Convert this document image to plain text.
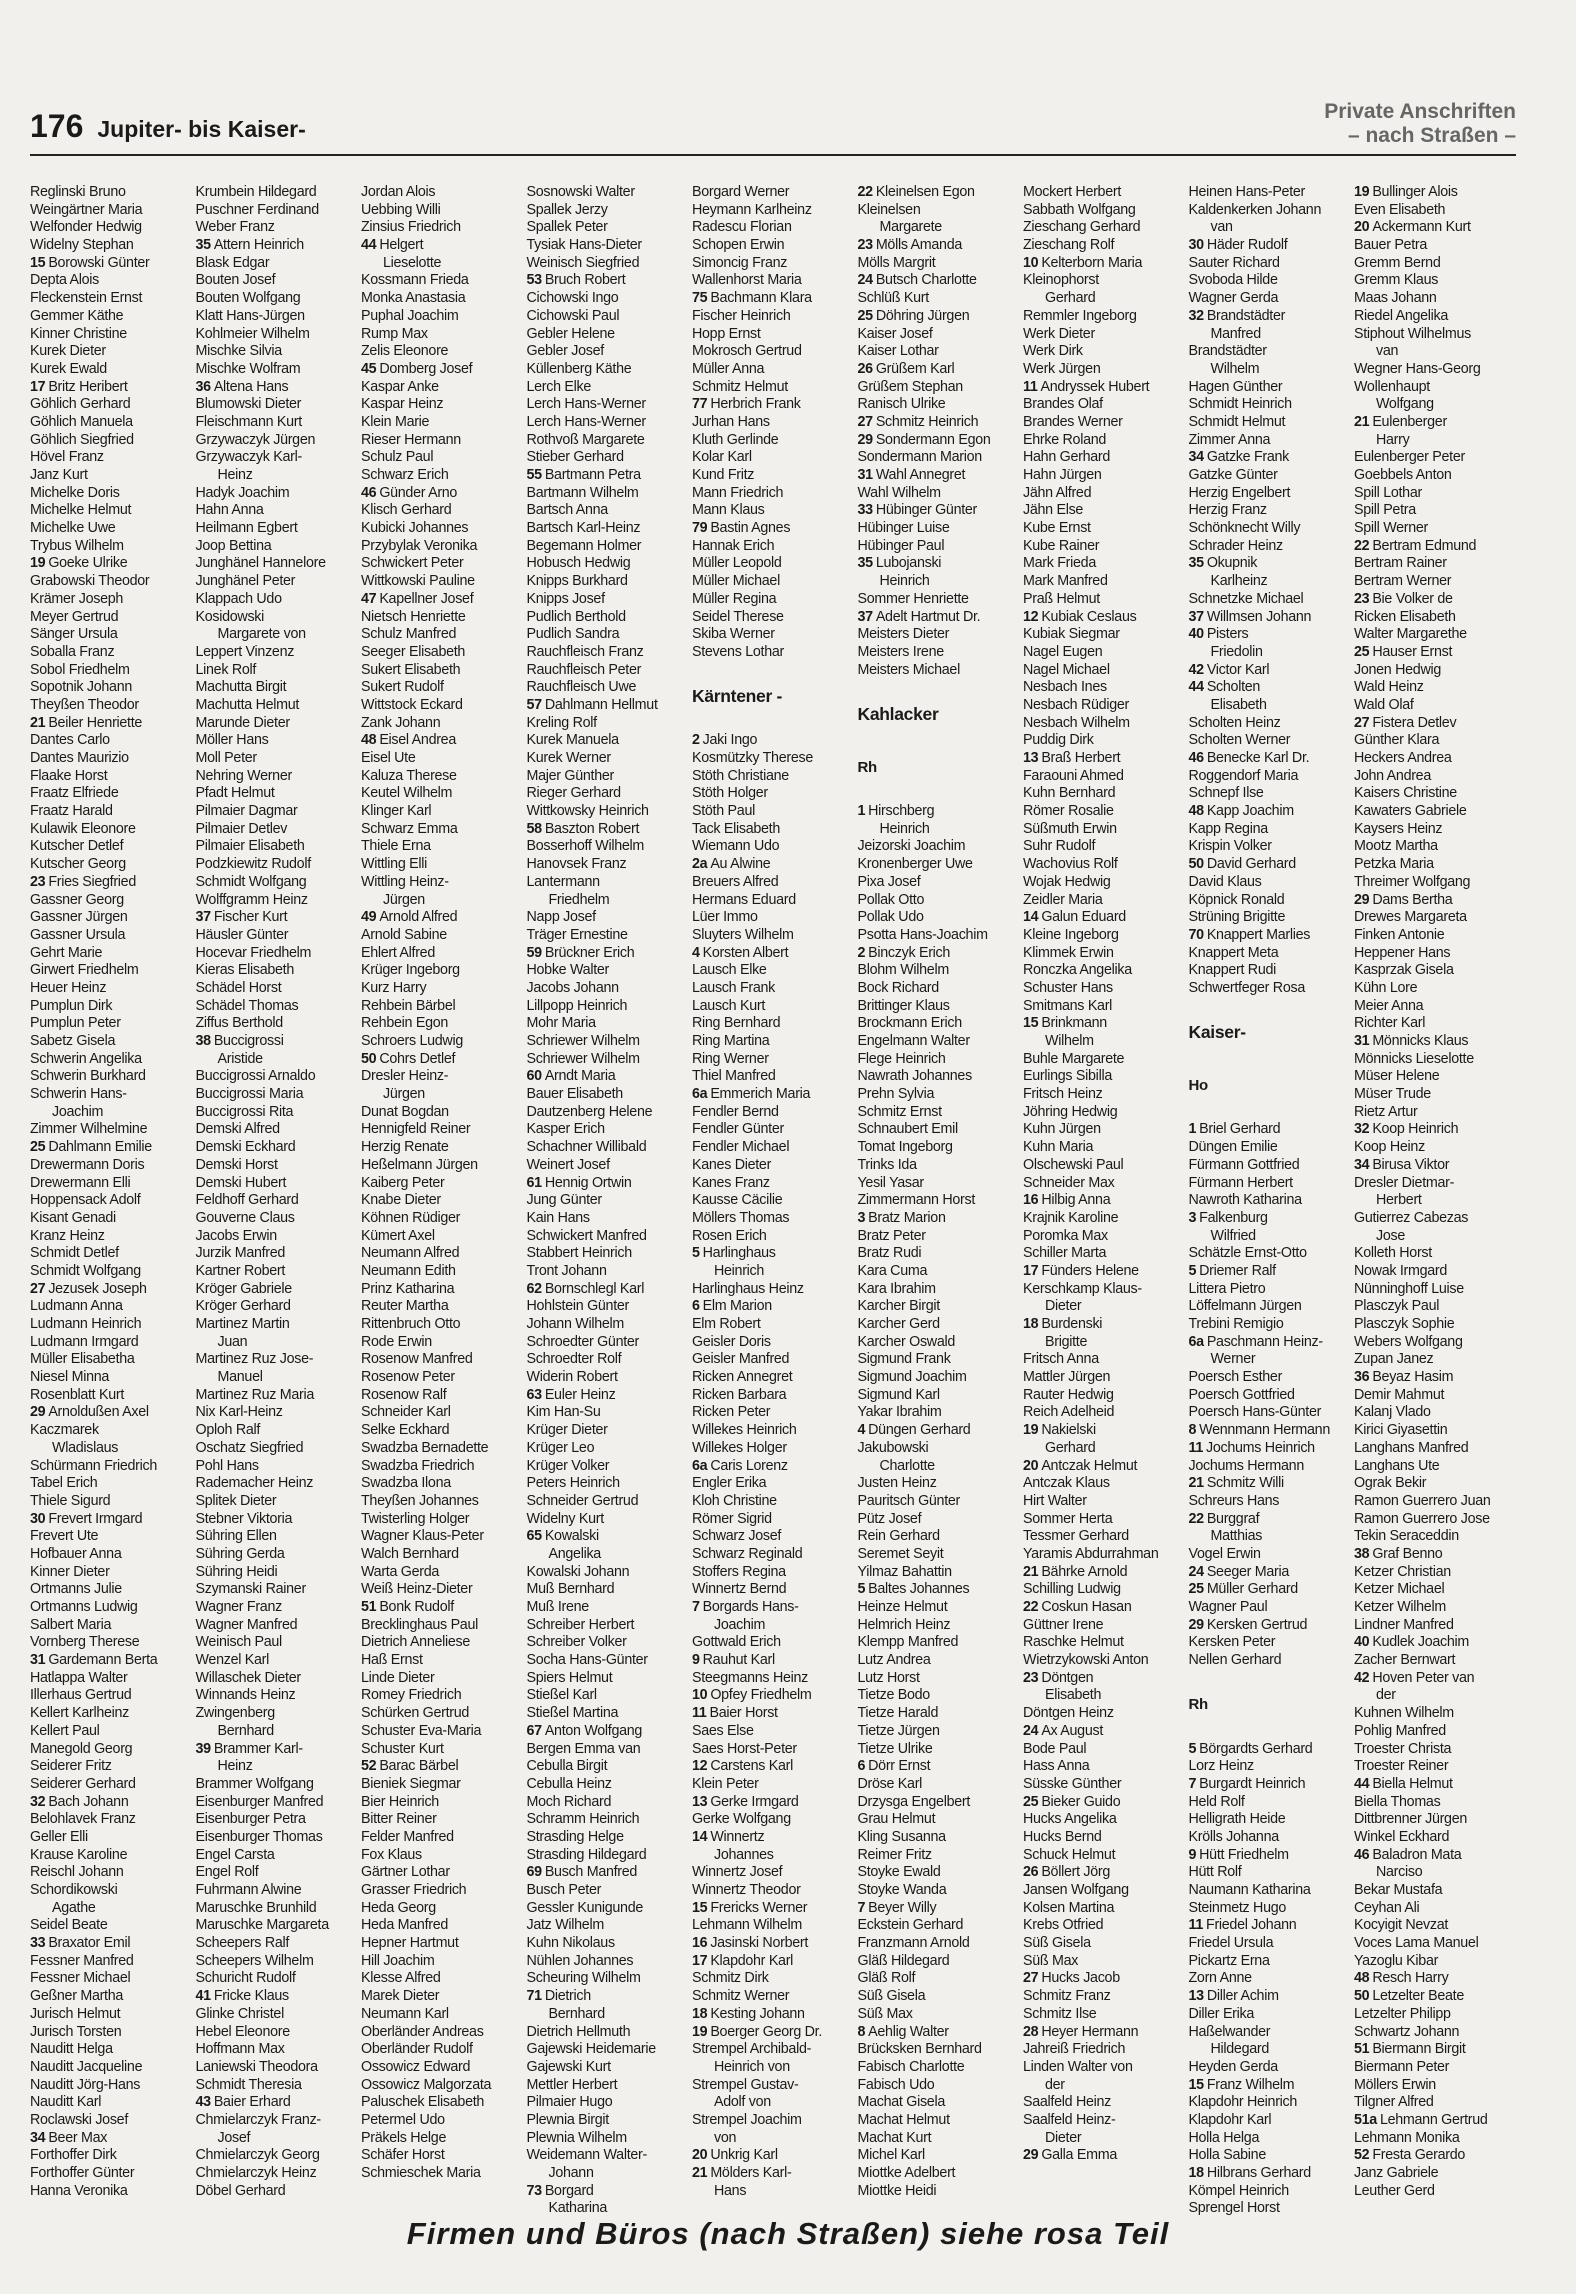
176 Jupiter- bis Kaiser-
Private Anschriften
– nach Straßen –
Reglinski Bruno
Weingärtner Maria
Welfonder Hedwig
Widelny Stephan
15 Borowski Günter
Depta Alois
Fleckenstein Ernst
Gemmer Käthe
Kinner Christine
Kurek Dieter
Kurek Ewald
17 Britz Heribert
Göhlich Gerhard
Göhlich Manuela
Göhlich Siegfried
Hövel Franz
Janz Kurt
Michelke Doris
Michelke Helmut
Michelke Uwe
Trybus Wilhelm
19 Goeke Ulrike
Grabowski Theodor
Krämer Joseph
Meyer Gertrud
Sänger Ursula
Soballa Franz
Sobol Friedhelm
Sopotnik Johann
Theyßen Theodor
21 Beiler Henriette
Dantes Carlo
Dantes Maurizio
Flaake Horst
Fraatz Elfriede
Fraatz Harald
Kulawik Eleonore
Kutscher Detlef
Kutscher Georg
23 Fries Siegfried
Gassner Georg
Gassner Jürgen
Gassner Ursula
Gehrt Marie
Girwert Friedhelm
Heuer Heinz
Pumplun Dirk
Pumplun Peter
Sabetz Gisela
Schwerin Angelika
Schwerin Burkhard
Schwerin Hans-
Joachim
Zimmer Wilhelmine
25 Dahlmann Emilie
Drewermann Doris
Drewermann Elli
Hoppensack Adolf
Kisant Genadi
Kranz Heinz
Schmidt Detlef
Schmidt Wolfgang
27 Jezusek Joseph
Ludmann Anna
Ludmann Heinrich
Ludmann Irmgard
Müller Elisabetha
Niesel Minna
Rosenblatt Kurt
29 Arnoldußen Axel
Kaczmarek
Wladislaus
Schürmann Friedrich
Tabel Erich
Thiele Sigurd
30 Frevert Irmgard
Frevert Ute
Hofbauer Anna
Kinner Dieter
Ortmanns Julie
Ortmanns Ludwig
Salbert Maria
Vornberg Therese
31 Gardemann Berta
Hatlappa Walter
Illerhaus Gertrud
Kellert Karlheinz
Kellert Paul
Manegold Georg
Seiderer Fritz
Seiderer Gerhard
32 Bach Johann
Belohlavek Franz
Geller Elli
Krause Karoline
Reischl Johann
Schordikowski
Agathe
Seidel Beate
33 Braxator Emil
Fessner Manfred
Fessner Michael
Geßner Martha
Jurisch Helmut
Jurisch Torsten
Nauditt Helga
Nauditt Jacqueline
Nauditt Jörg-Hans
Nauditt Karl
Roclawski Josef
34 Beer Max
Forthoffer Dirk
Forthoffer Günter
Hanna Veronika
Krumbein Hildegard
Puschner Ferdinand
Weber Franz
35 Attern Heinrich
Blask Edgar
Bouten Josef
Bouten Wolfgang
Klatt Hans-Jürgen
Kohlmeier Wilhelm
Mischke Silvia
Mischke Wolfram
36 Altena Hans
Blumowski Dieter
Fleischmann Kurt
Grzywaczyk Jürgen
Grzywaczyk Karl-
Heinz
Hadyk Joachim
Hahn Anna
Heilmann Egbert
Joop Bettina
Junghänel Hannelore
Junghänel Peter
Klappach Udo
Kosidowski
Margarete von
Leppert Vinzenz
Linek Rolf
Machutta Birgit
Machutta Helmut
Marunde Dieter
Möller Hans
Moll Peter
Nehring Werner
Pfadt Helmut
Pilmaier Dagmar
Pilmaier Detlev
Pilmaier Elisabeth
Podzkiewitz Rudolf
Schmidt Wolfgang
Wolffgramm Heinz
37 Fischer Kurt
Häusler Günter
Hocevar Friedhelm
Kieras Elisabeth
Schädel Horst
Schädel Thomas
Ziffus Berthold
38 Buccigrossi
Aristide
Buccigrossi Arnaldo
Buccigrossi Maria
Buccigrossi Rita
Demski Alfred
Demski Eckhard
Demski Horst
Demski Hubert
Feldhoff Gerhard
Gouverne Claus
Jacobs Erwin
Jurzik Manfred
Kartner Robert
Kröger Gabriele
Kröger Gerhard
Martinez Martin
Juan
Martinez Ruz Jose-
Manuel
Martinez Ruz Maria
Nix Karl-Heinz
Oploh Ralf
Oschatz Siegfried
Pohl Hans
Rademacher Heinz
Splitek Dieter
Stebner Viktoria
Sühring Ellen
Sühring Gerda
Sühring Heidi
Szymanski Rainer
Wagner Franz
Wagner Manfred
Weinisch Paul
Wenzel Karl
Willaschek Dieter
Winnands Heinz
Zwingenberg
Bernhard
39 Brammer Karl-
Heinz
Brammer Wolfgang
Eisenburger Manfred
Eisenburger Petra
Eisenburger Thomas
Engel Carsta
Engel Rolf
Fuhrmann Alwine
Maruschke Brunhild
Maruschke Margareta
Scheepers Ralf
Scheepers Wilhelm
Schuricht Rudolf
41 Fricke Klaus
Glinke Christel
Hebel Eleonore
Hoffmann Max
Laniewski Theodora
Schmidt Theresia
43 Baier Erhard
Chmielarczyk Franz-
Josef
Chmielarczyk Georg
Chmielarczyk Heinz
Döbel Gerhard
Jordan Alois
Uebbing Willi
Zinsius Friedrich
44 Helgert
Lieselotte
Kossmann Frieda
Monka Anastasia
Puphal Joachim
Rump Max
Zelis Eleonore
45 Domberg Josef
Kaspar Anke
Kaspar Heinz
Klein Marie
Rieser Hermann
Schulz Paul
Schwarz Erich
46 Günder Arno
Klisch Gerhard
Kubicki Johannes
Przybylak Veronika
Schwickert Peter
Wittkowski Pauline
47 Kapellner Josef
Nietsch Henriette
Schulz Manfred
Seeger Elisabeth
Sukert Elisabeth
Sukert Rudolf
Wittstock Eckard
Zank Johann
48 Eisel Andrea
Eisel Ute
Kaluza Therese
Keutel Wilhelm
Klinger Karl
Schwarz Emma
Thiele Erna
Wittling Elli
Wittling Heinz-
Jürgen
49 Arnold Alfred
Arnold Sabine
Ehlert Alfred
Krüger Ingeborg
Kurz Harry
Rehbein Bärbel
Rehbein Egon
Schroers Ludwig
50 Cohrs Detlef
Dresler Heinz-
Jürgen
Dunat Bogdan
Hennigfeld Reiner
Herzig Renate
Heßelmann Jürgen
Kaiberg Peter
Knabe Dieter
Köhnen Rüdiger
Kümert Axel
Neumann Alfred
Neumann Edith
Prinz Katharina
Reuter Martha
Rittenbruch Otto
Rode Erwin
Rosenow Manfred
Rosenow Peter
Rosenow Ralf
Schneider Karl
Selke Eckhard
Swadzba Bernadette
Swadzba Friedrich
Swadzba Ilona
Theyßen Johannes
Twisterling Holger
Wagner Klaus-Peter
Walch Bernhard
Warta Gerda
Weiß Heinz-Dieter
51 Bonk Rudolf
Brecklinghaus Paul
Dietrich Anneliese
Haß Ernst
Linde Dieter
Romey Friedrich
Schürken Gertrud
Schuster Eva-Maria
Schuster Kurt
52 Barac Bärbel
Bieniek Siegmar
Bier Heinrich
Bitter Reiner
Felder Manfred
Fox Klaus
Gärtner Lothar
Grasser Friedrich
Heda Georg
Heda Manfred
Hepner Hartmut
Hill Joachim
Klesse Alfred
Marek Dieter
Neumann Karl
Oberländer Andreas
Oberländer Rudolf
Ossowicz Edward
Ossowicz Malgorzata
Paluschek Elisabeth
Petermel Udo
Präkels Helge
Schäfer Horst
Schmieschek Maria
Sosnowski Walter
Spallek Jerzy
Spallek Peter
Tysiak Hans-Dieter
Weinisch Siegfried
53 Bruch Robert
Cichowski Ingo
Cichowski Paul
Gebler Helene
Gebler Josef
Küllenberg Käthe
Lerch Elke
Lerch Hans-Werner
Lerch Hans-Werner
Rothvoß Margarete
Stieber Gerhard
55 Bartmann Petra
Bartmann Wilhelm
Bartsch Anna
Bartsch Karl-Heinz
Begemann Holmer
Hobusch Hedwig
Knipps Burkhard
Knipps Josef
Pudlich Berthold
Pudlich Sandra
Rauchfleisch Franz
Rauchfleisch Peter
Rauchfleisch Uwe
57 Dahlmann Hellmut
Kreling Rolf
Kurek Manuela
Kurek Werner
Majer Günther
Rieger Gerhard
Wittkowsky Heinrich
58 Baszton Robert
Bosserhoff Wilhelm
Hanovsek Franz
Lantermann
Friedhelm
Napp Josef
Träger Ernestine
59 Brückner Erich
Hobke Walter
Jacobs Johann
Lillpopp Heinrich
Mohr Maria
Schriewer Wilhelm
Schriewer Wilhelm
60 Arndt Maria
Bauer Elisabeth
Dautzenberg Helene
Kasper Erich
Schachner Willibald
Weinert Josef
61 Hennig Ortwin
Jung Günter
Kain Hans
Schwickert Manfred
Stabbert Heinrich
Tront Johann
62 Bornschlegl Karl
Hohlstein Günter
Johann Wilhelm
Schroedter Günter
Schroedter Rolf
Widerin Robert
63 Euler Heinz
Kim Han-Su
Krüger Dieter
Krüger Leo
Krüger Volker
Peters Heinrich
Schneider Gertrud
Widelny Kurt
65 Kowalski
Angelika
Kowalski Johann
Muß Bernhard
Muß Irene
Schreiber Herbert
Schreiber Volker
Socha Hans-Günter
Spiers Helmut
Stießel Karl
Stießel Martina
67 Anton Wolfgang
Bergen Emma van
Cebulla Birgit
Cebulla Heinz
Moch Richard
Schramm Heinrich
Strasding Helge
Strasding Hildegard
69 Busch Manfred
Busch Peter
Gessler Kunigunde
Jatz Wilhelm
Kuhn Nikolaus
Nühlen Johannes
Scheuring Wilhelm
71 Dietrich
Bernhard
Dietrich Hellmuth
Gajewski Heidemarie
Gajewski Kurt
Mettler Herbert
Pilmaier Hugo
Plewnia Birgit
Plewnia Wilhelm
Weidemann Walter-
Johann
73 Borgard
Katharina
Borgard Werner
Heymann Karlheinz
Radescu Florian
Schopen Erwin
Simoncig Franz
Wallenhorst Maria
75 Bachmann Klara
Fischer Heinrich
Hopp Ernst
Mokrosch Gertrud
Müller Anna
Schmitz Helmut
77 Herbrich Frank
Jurhan Hans
Kluth Gerlinde
Kolar Karl
Kund Fritz
Mann Friedrich
Mann Klaus
79 Bastin Agnes
Hannak Erich
Müller Leopold
Müller Michael
Müller Regina
Seidel Therese
Skiba Werner
Stevens Lothar
Kärntener -
2 Jaki Ingo
Kosmützky Therese
Stöth Christiane
Stöth Holger
Stöth Paul
Tack Elisabeth
Wiemann Udo
2a Au Alwine
Breuers Alfred
Hermans Eduard
Lüer Immo
Sluyters Wilhelm
4 Korsten Albert
Lausch Elke
Lausch Frank
Lausch Kurt
Ring Bernhard
Ring Martina
Ring Werner
Thiel Manfred
6a Emmerich Maria
Fendler Bernd
Fendler Günter
Fendler Michael
Kanes Dieter
Kanes Franz
Kausse Cäcilie
Möllers Thomas
Rosen Erich
5 Harlinghaus
Heinrich
Harlinghaus Heinz
6 Elm Marion
Elm Robert
Geisler Doris
Geisler Manfred
Ricken Annegret
Ricken Barbara
Ricken Peter
Willekes Heinrich
Willekes Holger
6a Caris Lorenz
Engler Erika
Kloh Christine
Römer Sigrid
Schwarz Josef
Schwarz Reginald
Stoffers Regina
Winnertz Bernd
7 Borgards Hans-
Joachim
Gottwald Erich
9 Rauhut Karl
Steegmanns Heinz
10 Opfey Friedhelm
11 Baier Horst
Saes Else
Saes Horst-Peter
12 Carstens Karl
Klein Peter
13 Gerke Irmgard
Gerke Wolfgang
14 Winnertz
Johannes
Winnertz Josef
Winnertz Theodor
15 Frericks Werner
Lehmann Wilhelm
16 Jasinski Norbert
17 Klapdohr Karl
Schmitz Dirk
Schmitz Werner
18 Kesting Johann
19 Boerger Georg Dr.
Strempel Archibald-
Heinrich von
Strempel Gustav-
Adolf von
Strempel Joachim
von
20 Unkrig Karl
21 Mölders Karl-
Hans
22 Kleinelsen Egon
Kleinelsen
Margarete
23 Mölls Amanda
Mölls Margrit
24 Butsch Charlotte
Schlüß Kurt
25 Döhring Jürgen
Kaiser Josef
Kaiser Lothar
26 Grüßem Karl
Grüßem Stephan
Ranisch Ulrike
27 Schmitz Heinrich
29 Sondermann Egon
Sondermann Marion
31 Wahl Annegret
Wahl Wilhelm
33 Hübinger Günter
Hübinger Luise
Hübinger Paul
35 Lubojanski
Heinrich
Sommer Henriette
37 Adelt Hartmut Dr.
Meisters Dieter
Meisters Irene
Meisters Michael
Kahlacker
Rh
1 Hirschberg
Heinrich
Jeizorski Joachim
Kronenberger Uwe
Pixa Josef
Pollak Otto
Pollak Udo
Psotta Hans-Joachim
2 Binczyk Erich
Blohm Wilhelm
Bock Richard
Brittinger Klaus
Brockmann Erich
Engelmann Walter
Flege Heinrich
Nawrath Johannes
Prehn Sylvia
Schmitz Ernst
Schnaubert Emil
Tomat Ingeborg
Trinks Ida
Yesil Yasar
Zimmermann Horst
3 Bratz Marion
Bratz Peter
Bratz Rudi
Kara Cuma
Kara Ibrahim
Karcher Birgit
Karcher Gerd
Karcher Oswald
Sigmund Frank
Sigmund Joachim
Sigmund Karl
Yakar Ibrahim
4 Düngen Gerhard
Jakubowski
Charlotte
Justen Heinz
Pauritsch Günter
Pütz Josef
Rein Gerhard
Seremet Seyit
Yilmaz Bahattin
5 Baltes Johannes
Heinze Helmut
Helmrich Heinz
Klempp Manfred
Lutz Andrea
Lutz Horst
Tietze Bodo
Tietze Harald
Tietze Jürgen
Tietze Ulrike
6 Dörr Ernst
Dröse Karl
Drzysga Engelbert
Grau Helmut
Kling Susanna
Reimer Fritz
Stoyke Ewald
Stoyke Wanda
7 Beyer Willy
Eckstein Gerhard
Franzmann Arnold
Gläß Hildegard
Gläß Rolf
Süß Gisela
Süß Max
8 Aehlig Walter
Brücksken Bernhard
Fabisch Charlotte
Fabisch Udo
Machat Gisela
Machat Helmut
Machat Kurt
Michel Karl
Miottke Adelbert
Miottke Heidi
Mockert Herbert
Sabbath Wolfgang
Zieschang Gerhard
Zieschang Rolf
10 Kelterborn Maria
Kleinophorst
Gerhard
Remmler Ingeborg
Werk Dieter
Werk Dirk
Werk Jürgen
11 Andryssek Hubert
Brandes Olaf
Brandes Werner
Ehrke Roland
Hahn Gerhard
Hahn Jürgen
Jähn Alfred
Jähn Else
Kube Ernst
Kube Rainer
Mark Frieda
Mark Manfred
Praß Helmut
12 Kubiak Ceslaus
Kubiak Siegmar
Nagel Eugen
Nagel Michael
Nesbach Ines
Nesbach Rüdiger
Nesbach Wilhelm
Puddig Dirk
13 Braß Herbert
Faraouni Ahmed
Kuhn Bernhard
Römer Rosalie
Süßmuth Erwin
Suhr Rudolf
Wachovius Rolf
Wojak Hedwig
Zeidler Maria
14 Galun Eduard
Kleine Ingeborg
Klimmek Erwin
Ronczka Angelika
Schuster Hans
Smitmans Karl
15 Brinkmann
Wilhelm
Buhle Margarete
Eurlings Sibilla
Fritsch Heinz
Jöhring Hedwig
Kuhn Jürgen
Kuhn Maria
Olschewski Paul
Schneider Max
16 Hilbig Anna
Krajnik Karoline
Poromka Max
Schiller Marta
17 Fünders Helene
Kerschkamp Klaus-
Dieter
18 Burdenski
Brigitte
Fritsch Anna
Mattler Jürgen
Rauter Hedwig
Reich Adelheid
19 Nakielski
Gerhard
20 Antczak Helmut
Antczak Klaus
Hirt Walter
Sommer Herta
Tessmer Gerhard
Yaramis Abdurrahman
21 Bährke Arnold
Schilling Ludwig
22 Coskun Hasan
Güttner Irene
Raschke Helmut
Wietrzykowski Anton
23 Döntgen
Elisabeth
Döntgen Heinz
24 Ax August
Bode Paul
Hass Anna
Süsske Günther
25 Bieker Guido
Hucks Angelika
Hucks Bernd
Schuck Helmut
26 Böllert Jörg
Jansen Wolfgang
Kolsen Martina
Krebs Otfried
Süß Gisela
Süß Max
27 Hucks Jacob
Schmitz Franz
Schmitz Ilse
28 Heyer Hermann
Jahreiß Friedrich
Linden Walter von
der
Saalfeld Heinz
Saalfeld Heinz-
Dieter
29 Galla Emma
Heinen Hans-Peter
Kaldenkerken Johann
van
30 Häder Rudolf
Sauter Richard
Svoboda Hilde
Wagner Gerda
32 Brandstädter
Manfred
Brandstädter
Wilhelm
Hagen Günther
Schmidt Heinrich
Schmidt Helmut
Zimmer Anna
34 Gatzke Frank
Gatzke Günter
Herzig Engelbert
Herzig Franz
Schönknecht Willy
Schrader Heinz
35 Okupnik
Karlheinz
Schnetzke Michael
37 Willmsen Johann
40 Pisters
Friedolin
42 Victor Karl
44 Scholten
Elisabeth
Scholten Heinz
Scholten Werner
46 Benecke Karl Dr.
Roggendorf Maria
Schnepf Ilse
48 Kapp Joachim
Kapp Regina
Krispin Volker
50 David Gerhard
David Klaus
Köpnick Ronald
Strüning Brigitte
70 Knappert Marlies
Knappert Meta
Knappert Rudi
Schwertfeger Rosa
Kaiser-
Ho
1 Briel Gerhard
Düngen Emilie
Fürmann Gottfried
Fürmann Herbert
Nawroth Katharina
3 Falkenburg
Wilfried
Schätzle Ernst-Otto
5 Driemer Ralf
Littera Pietro
Löffelmann Jürgen
Trebini Remigio
6a Paschmann Heinz-
Werner
Poersch Esther
Poersch Gottfried
Poersch Hans-Günter
8 Wennmann Hermann
11 Jochums Heinrich
Jochums Hermann
21 Schmitz Willi
Schreurs Hans
22 Burggraf
Matthias
Vogel Erwin
24 Seeger Maria
25 Müller Gerhard
Wagner Paul
29 Kersken Gertrud
Kersken Peter
Nellen Gerhard
Rh
5 Börgardts Gerhard
Lorz Heinz
7 Burgardt Heinrich
Held Rolf
Helligrath Heide
Krölls Johanna
9 Hütt Friedhelm
Hütt Rolf
Naumann Katharina
Steinmetz Hugo
11 Friedel Johann
Friedel Ursula
Pickartz Erna
Zorn Anne
13 Diller Achim
Diller Erika
Haßelwander
Hildegard
Heyden Gerda
15 Franz Wilhelm
Klapdohr Heinrich
Klapdohr Karl
Holla Helga
Holla Sabine
18 Hilbrans Gerhard
Kömpel Heinrich
Sprengel Horst
19 Bullinger Alois
Even Elisabeth
20 Ackermann Kurt
Bauer Petra
Gremm Bernd
Gremm Klaus
Maas Johann
Riedel Angelika
Stiphout Wilhelmus
van
Wegner Hans-Georg
Wollenhaupt
Wolfgang
21 Eulenberger
Harry
Eulenberger Peter
Goebbels Anton
Spill Lothar
Spill Petra
Spill Werner
22 Bertram Edmund
Bertram Rainer
Bertram Werner
23 Bie Volker de
Ricken Elisabeth
Walter Margarethe
25 Hauser Ernst
Jonen Hedwig
Wald Heinz
Wald Olaf
27 Fistera Detlev
Günther Klara
Heckers Andrea
John Andrea
Kaisers Christine
Kawaters Gabriele
Kaysers Heinz
Mootz Martha
Petzka Maria
Threimer Wolfgang
29 Dams Bertha
Drewes Margareta
Finken Antonie
Heppener Hans
Kasprzak Gisela
Kühn Lore
Meier Anna
Richter Karl
31 Mönnicks Klaus
Mönnicks Lieselotte
Müser Helene
Müser Trude
Rietz Artur
32 Koop Heinrich
Koop Heinz
34 Birusa Viktor
Dresler Dietmar-
Herbert
Gutierrez Cabezas
Jose
Kolleth Horst
Nowak Irmgard
Nünninghoff Luise
Plasczyk Paul
Plasczyk Sophie
Webers Wolfgang
Zupan Janez
36 Beyaz Hasim
Demir Mahmut
Kalanj Vlado
Kirici Giyasettin
Langhans Manfred
Langhans Ute
Ograk Bekir
Ramon Guerrero Juan
Ramon Guerrero Jose
Tekin Seraceddin
38 Graf Benno
Ketzer Christian
Ketzer Michael
Ketzer Wilhelm
Lindner Manfred
40 Kudlek Joachim
Zacher Bernwart
42 Hoven Peter van
der
Kuhnen Wilhelm
Pohlig Manfred
Troester Christa
Troester Reiner
44 Biella Helmut
Biella Thomas
Dittbrenner Jürgen
Winkel Eckhard
46 Baladron Mata
Narciso
Bekar Mustafa
Ceyhan Ali
Kocyigit Nevzat
Voces Lama Manuel
Yazoglu Kibar
48 Resch Harry
50 Letzelter Beate
Letzelter Philipp
Schwartz Johann
51 Biermann Birgit
Biermann Peter
Möllers Erwin
Tilgner Alfred
51a Lehmann Gertrud
Lehmann Monika
52 Fresta Gerardo
Janz Gabriele
Leuther Gerd
Firmen und Büros (nach Straßen) siehe rosa Teil
